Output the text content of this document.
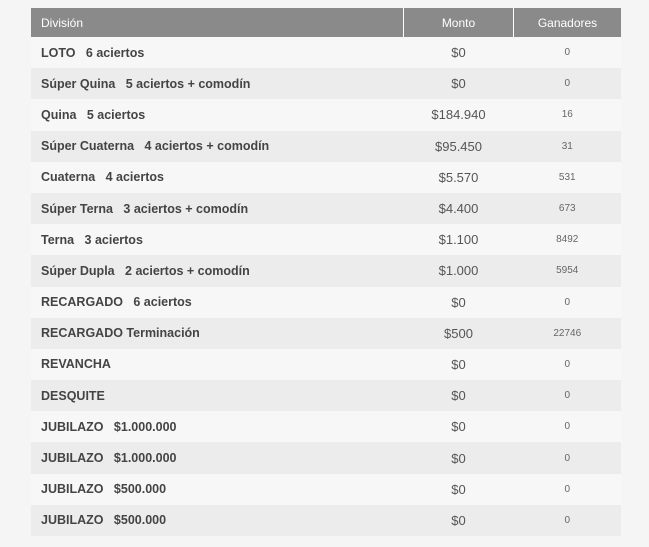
División	Monto	Ganadores
LOTO   6 aciertos	$0	0
Súper Quina   5 aciertos + comodín	$0	0
Quina   5 aciertos	$184.940	16
Súper Cuaterna   4 aciertos + comodín	$95.450	31
Cuaterna   4 aciertos	$5.570	531
Súper Terna   3 aciertos + comodín	$4.400	673
Terna   3 aciertos	$1.100	8492
Súper Dupla   2 aciertos + comodín	$1.000	5954
RECARGADO   6 aciertos	$0	0
RECARGADO Terminación	$500	22746
REVANCHA	$0	0
DESQUITE	$0	0
JUBILAZO   $1.000.000	$0	0
JUBILAZO   $1.000.000	$0	0
JUBILAZO   $500.000	$0	0
JUBILAZO   $500.000	$0	0
